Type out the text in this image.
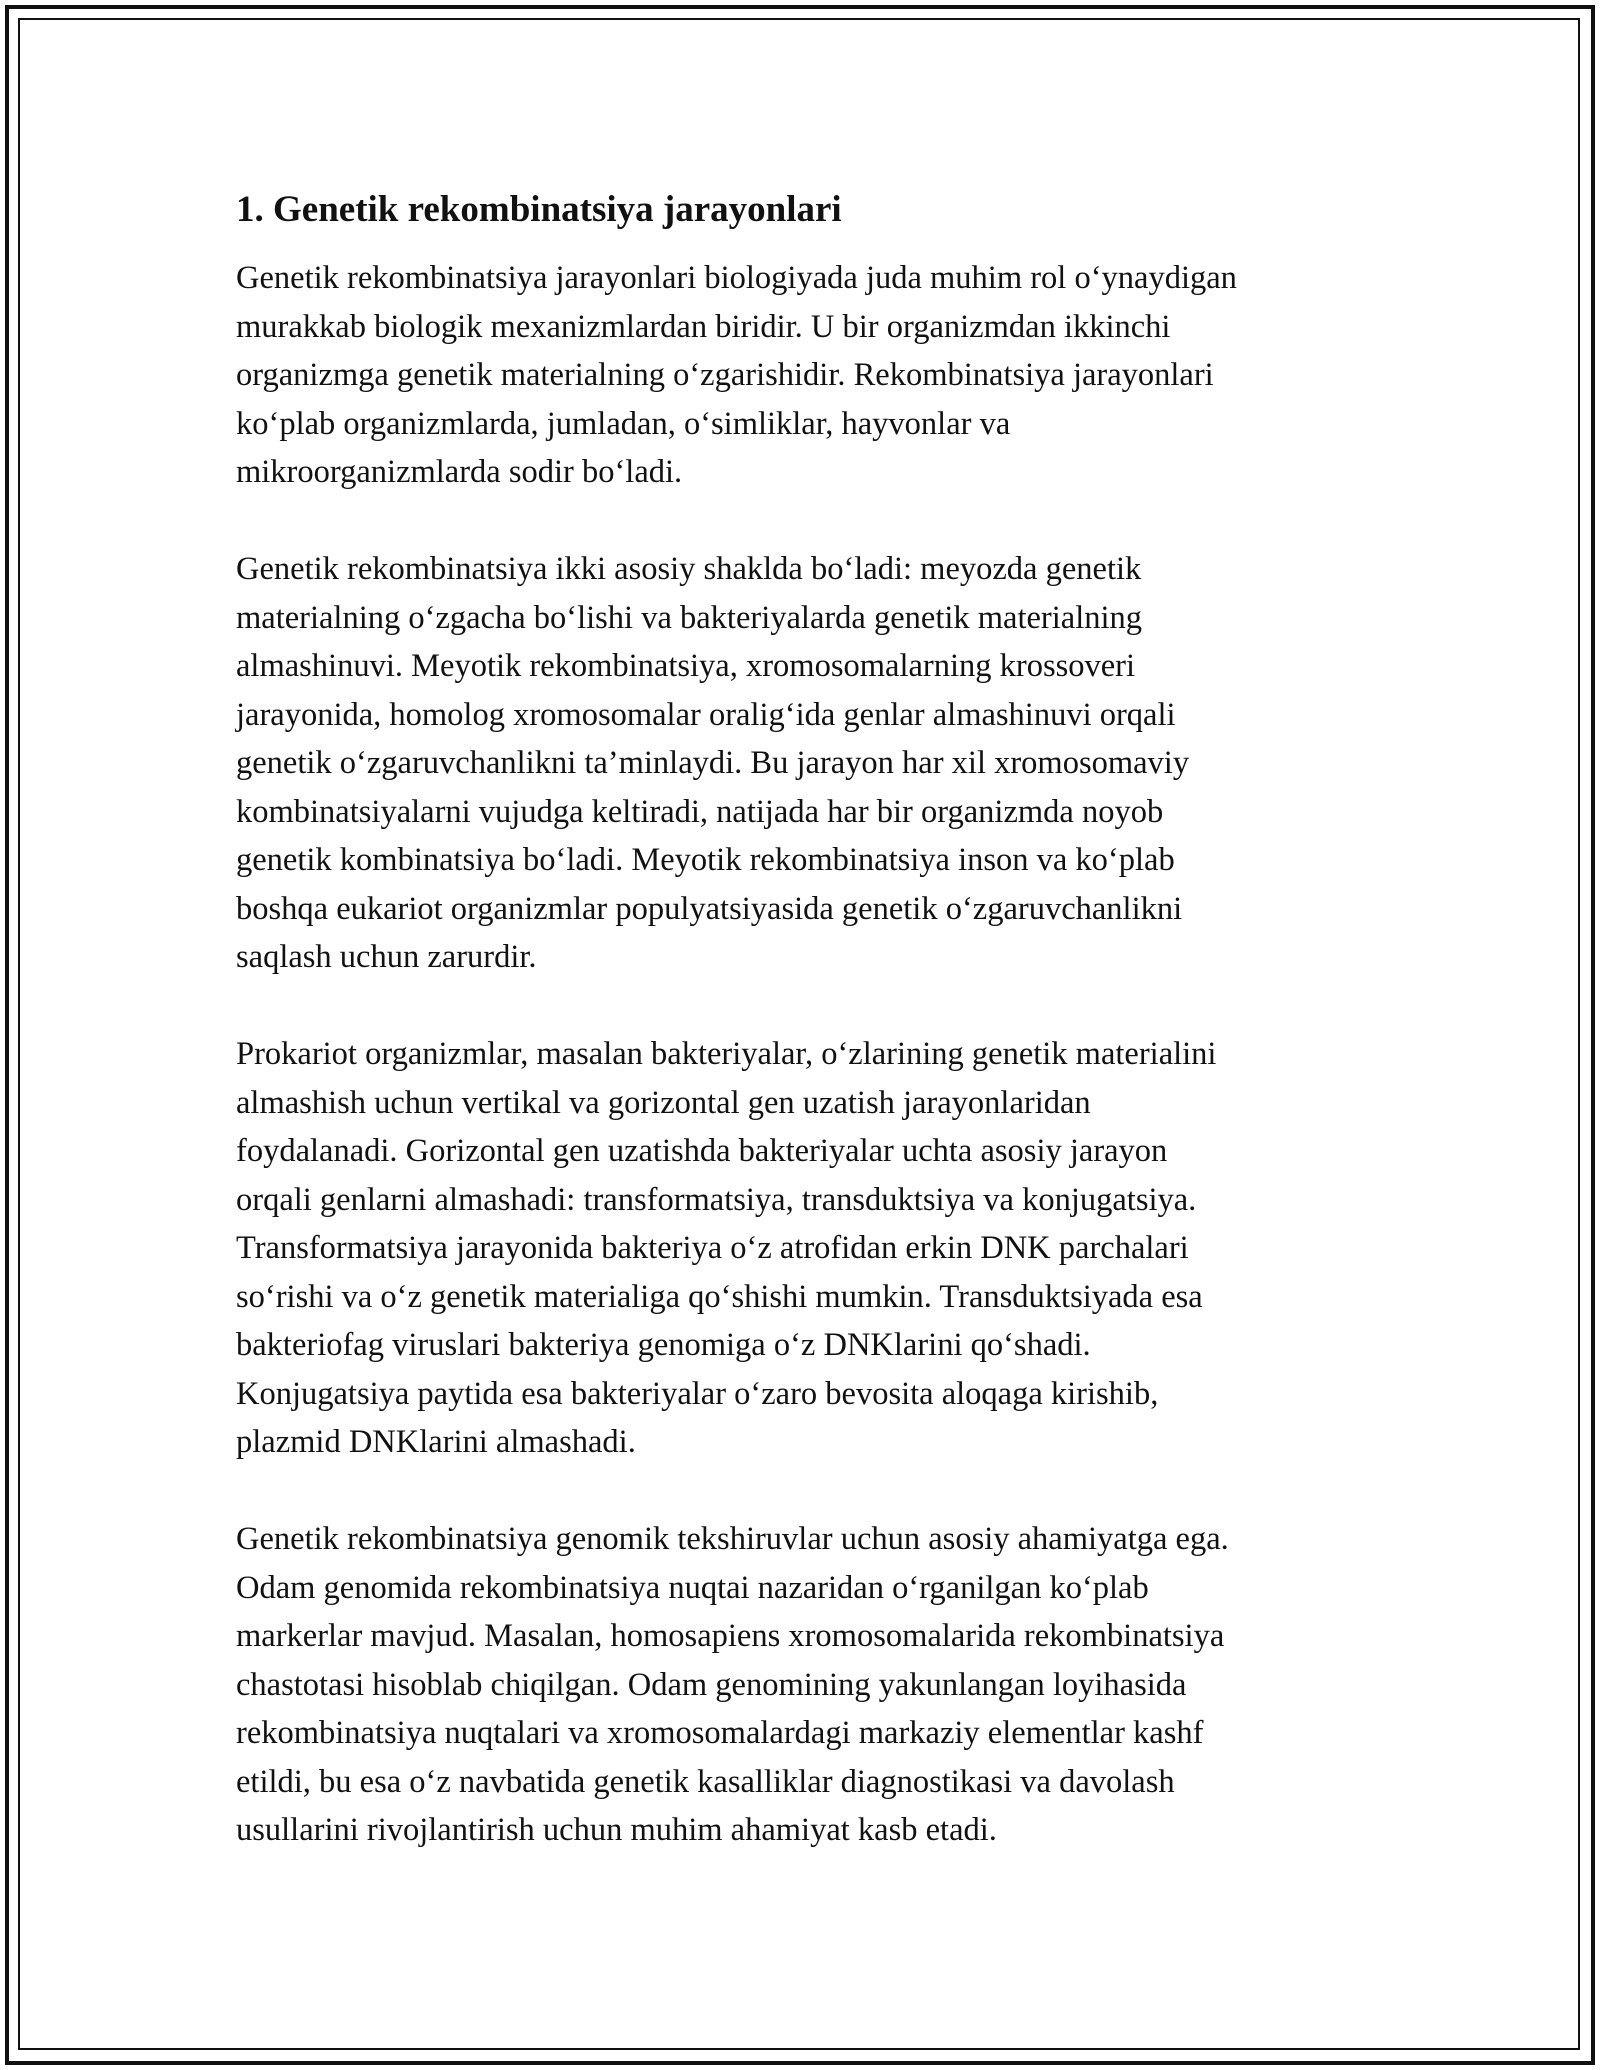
1. Genetik rekombinatsiya jarayonlari

Genetik rekombinatsiya jarayonlari biologiyada juda muhim rol o‘ynaydigan
murakkab biologik mexanizmlardan biridir. U bir organizmdan ikkinchi
organizmga genetik materialning o‘zgarishidir. Rekombinatsiya jarayonlari
ko‘plab organizmlarda, jumladan, o‘simliklar, hayvonlar va
mikroorganizmlarda sodir bo‘ladi.

Genetik rekombinatsiya ikki asosiy shaklda bo‘ladi: meyozda genetik
materialning o‘zgacha bo‘lishi va bakteriyalarda genetik materialning
almashinuvi. Meyotik rekombinatsiya, xromosomalarning krossoveri
jarayonida, homolog xromosomalar oralig‘ida genlar almashinuvi orqali
genetik o‘zgaruvchanlikni ta’minlaydi. Bu jarayon har xil xromosomaviy
kombinatsiyalarni vujudga keltiradi, natijada har bir organizmda noyob
genetik kombinatsiya bo‘ladi. Meyotik rekombinatsiya inson va ko‘plab
boshqa eukariot organizmlar populyatsiyasida genetik o‘zgaruvchanlikni
saqlash uchun zarurdir.

Prokariot organizmlar, masalan bakteriyalar, o‘zlarining genetik materialini
almashish uchun vertikal va gorizontal gen uzatish jarayonlaridan
foydalanadi. Gorizontal gen uzatishda bakteriyalar uchta asosiy jarayon
orqali genlarni almashadi: transformatsiya, transduktsiya va konjugatsiya.
Transformatsiya jarayonida bakteriya o‘z atrofidan erkin DNK parchalari
so‘rishi va o‘z genetik materialiga qo‘shishi mumkin. Transduktsiyada esa
bakteriofag viruslari bakteriya genomiga o‘z DNKlarini qo‘shadi.
Konjugatsiya paytida esa bakteriyalar o‘zaro bevosita aloqaga kirishib,
plazmid DNKlarini almashadi.

Genetik rekombinatsiya genomik tekshiruvlar uchun asosiy ahamiyatga ega.
Odam genomida rekombinatsiya nuqtai nazaridan o‘rganilgan ko‘plab
markerlar mavjud. Masalan, homosapiens xromosomalarida rekombinatsiya
chastotasi hisoblab chiqilgan. Odam genomining yakunlangan loyihasida
rekombinatsiya nuqtalari va xromosomalardagi markaziy elementlar kashf
etildi, bu esa o‘z navbatida genetik kasalliklar diagnostikasi va davolash
usullarini rivojlantirish uchun muhim ahamiyat kasb etadi.
